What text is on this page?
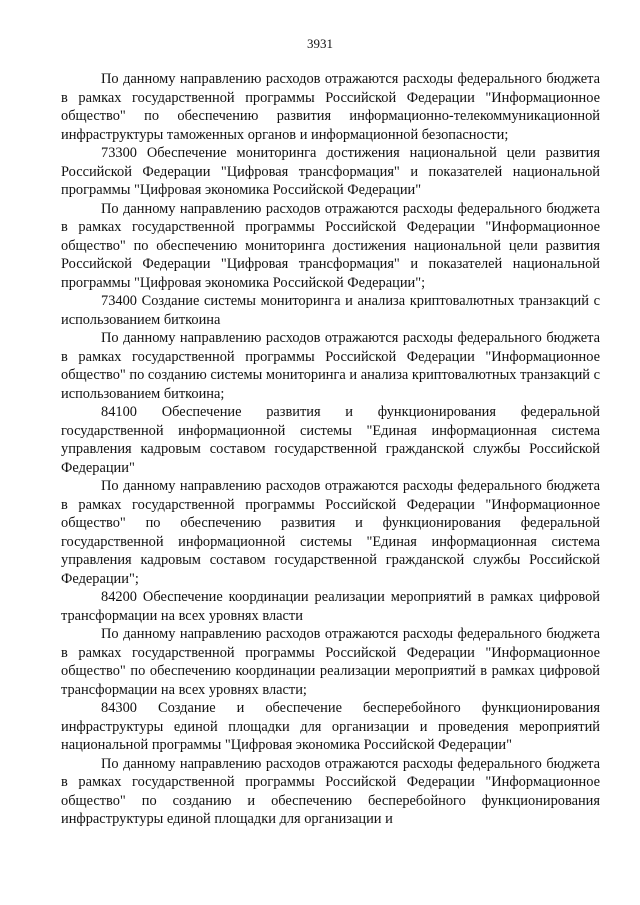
3931

По данному направлению расходов отражаются расходы федерального бюджета в рамках государственной программы Российской Федерации "Информационное общество" по обеспечению развития информационно-телекоммуникационной инфраструктуры таможенных органов и информационной безопасности;

73300 Обеспечение мониторинга достижения национальной цели развития Российской Федерации "Цифровая трансформация" и показателей национальной программы "Цифровая экономика Российской Федерации"

По данному направлению расходов отражаются расходы федерального бюджета в рамках государственной программы Российской Федерации "Информационное общество" по обеспечению мониторинга достижения национальной цели развития Российской Федерации "Цифровая трансформация" и показателей национальной программы "Цифровая экономика Российской Федерации";

73400 Создание системы мониторинга и анализа криптовалютных транзакций с использованием биткоина

По данному направлению расходов отражаются расходы федерального бюджета в рамках государственной программы Российской Федерации "Информационное общество" по созданию системы мониторинга и анализа криптовалютных транзакций с использованием биткоина;

84100 Обеспечение развития и функционирования федеральной государственной информационной системы "Единая информационная система управления кадровым составом государственной гражданской службы Российской Федерации"

По данному направлению расходов отражаются расходы федерального бюджета в рамках государственной программы Российской Федерации "Информационное общество" по обеспечению развития и функционирования федеральной государственной информационной системы "Единая информационная система управления кадровым составом государственной гражданской службы Российской Федерации";

84200 Обеспечение координации реализации мероприятий в рамках цифровой трансформации на всех уровнях власти

По данному направлению расходов отражаются расходы федерального бюджета в рамках государственной программы Российской Федерации "Информационное общество" по обеспечению координации реализации мероприятий в рамках цифровой трансформации на всех уровнях власти;

84300 Создание и обеспечение бесперебойного функционирования инфраструктуры единой площадки для организации и проведения мероприятий национальной программы "Цифровая экономика Российской Федерации"

По данному направлению расходов отражаются расходы федерального бюджета в рамках государственной программы Российской Федерации "Информационное общество" по созданию и обеспечению бесперебойного функционирования инфраструктуры единой площадки для организации и
